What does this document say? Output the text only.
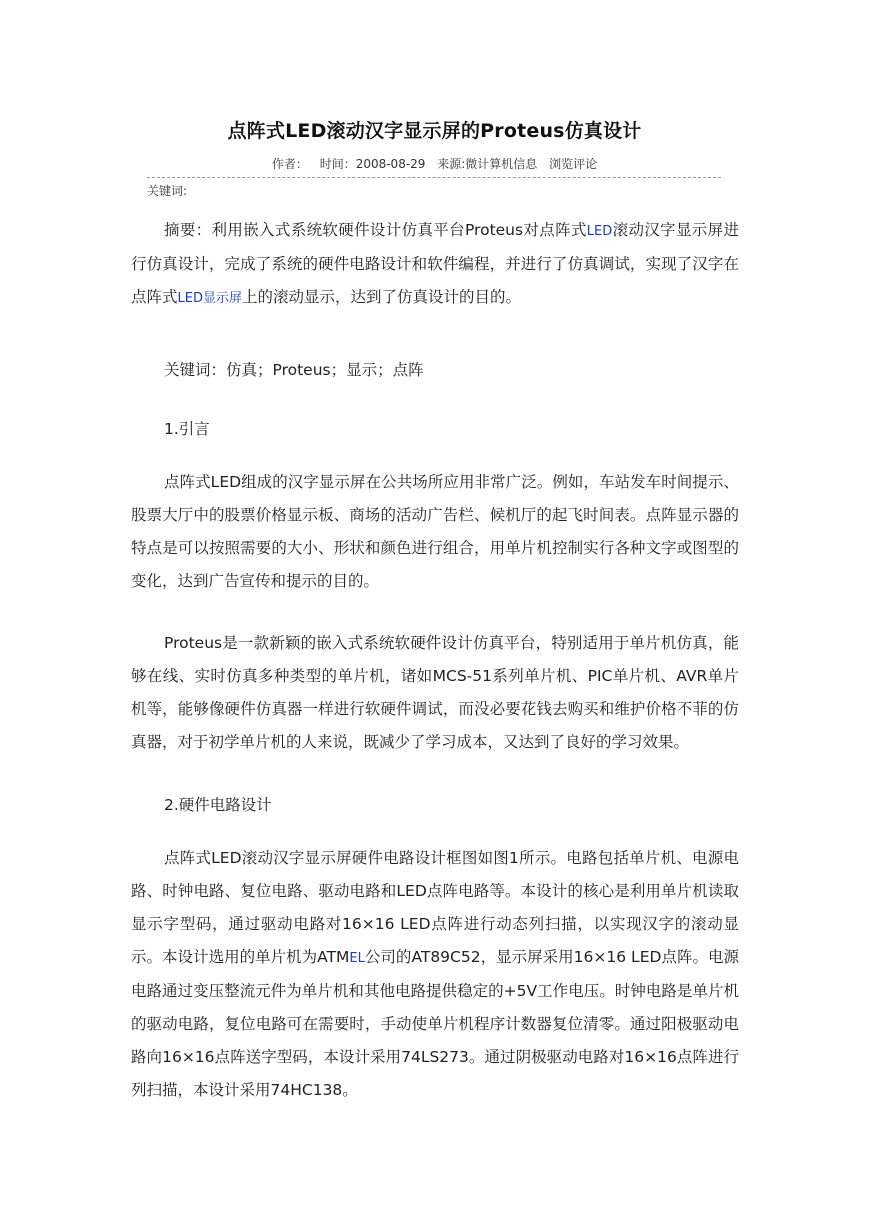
点阵式LED滚动汉字显示屏的Proteus仿真设计
作者： 时间：2008-08-29 来源:微计算机信息 浏览评论
关键词:

摘要：利用嵌入式系统软硬件设计仿真平台Proteus对点阵式LED滚动汉字显示屏进行仿真设计，完成了系统的硬件电路设计和软件编程，并进行了仿真调试，实现了汉字在点阵式LED显示屏上的滚动显示，达到了仿真设计的目的。

关键词：仿真；Proteus；显示；点阵

1.引言

点阵式LED组成的汉字显示屏在公共场所应用非常广泛。例如，车站发车时间提示、股票大厅中的股票价格显示板、商场的活动广告栏、候机厅的起飞时间表。点阵显示器的特点是可以按照需要的大小、形状和颜色进行组合，用单片机控制实行各种文字或图型的变化，达到广告宣传和提示的目的。

Proteus是一款新颖的嵌入式系统软硬件设计仿真平台，特别适用于单片机仿真，能够在线、实时仿真多种类型的单片机，诸如MCS-51系列单片机、PIC单片机、AVR单片机等，能够像硬件仿真器一样进行软硬件调试，而没必要花钱去购买和维护价格不菲的仿真器，对于初学单片机的人来说，既减少了学习成本，又达到了良好的学习效果。

2.硬件电路设计

点阵式LED滚动汉字显示屏硬件电路设计框图如图1所示。电路包括单片机、电源电路、时钟电路、复位电路、驱动电路和LED点阵电路等。本设计的核心是利用单片机读取显示字型码，通过驱动电路对16×16 LED点阵进行动态列扫描，以实现汉字的滚动显示。本设计选用的单片机为ATMEL公司的AT89C52，显示屏采用16×16 LED点阵。电源电路通过变压整流元件为单片机和其他电路提供稳定的+5V工作电压。时钟电路是单片机的驱动电路，复位电路可在需要时，手动使单片机程序计数器复位清零。通过阳极驱动电路向16×16点阵送字型码，本设计采用74LS273。通过阴极驱动电路对16×16点阵进行列扫描，本设计采用74HC138。
